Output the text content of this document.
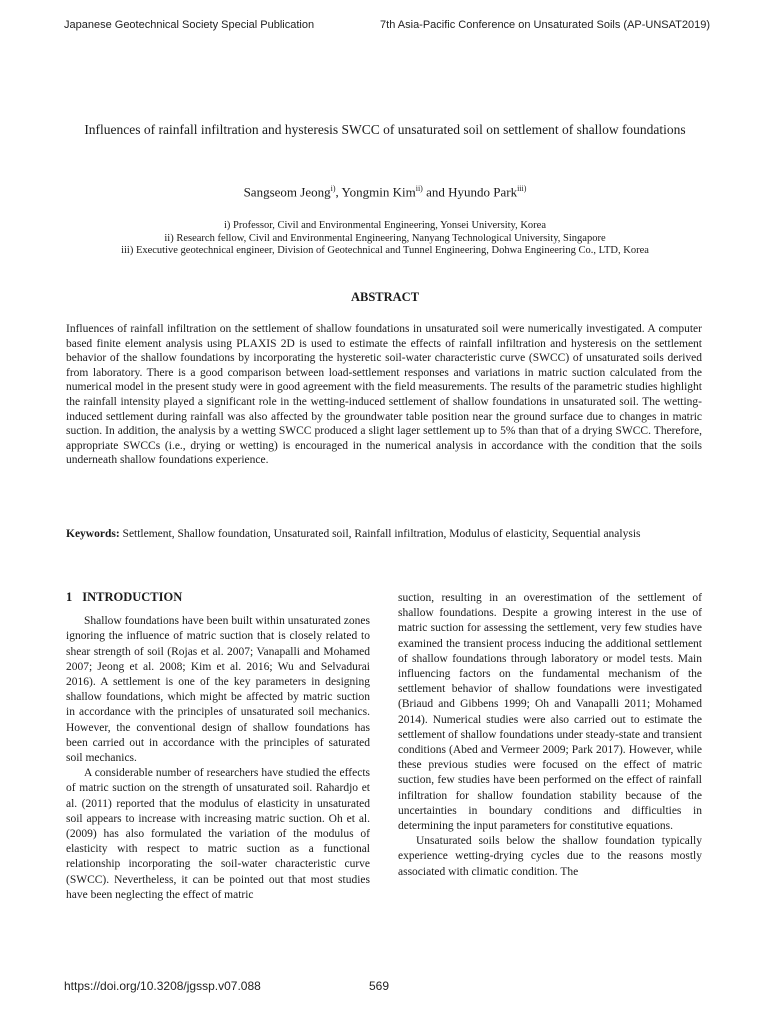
Japanese Geotechnical Society Special Publication	7th Asia-Pacific Conference on Unsaturated Soils (AP-UNSAT2019)
Influences of rainfall infiltration and hysteresis SWCC of unsaturated soil on settlement of shallow foundations
Sangseom Jeong$^{i)}$, Yongmin Kim$^{ii)}$ and Hyundo Park$^{iii)}$
i) Professor, Civil and Environmental Engineering, Yonsei University, Korea
ii) Research fellow, Civil and Environmental Engineering, Nanyang Technological University, Singapore
iii) Executive geotechnical engineer, Division of Geotechnical and Tunnel Engineering, Dohwa Engineering Co., LTD, Korea
ABSTRACT

Influences of rainfall infiltration on the settlement of shallow foundations in unsaturated soil were numerically investigated. A computer based finite element analysis using PLAXIS 2D is used to estimate the effects of rainfall infiltration and hysteresis on the settlement behavior of the shallow foundations by incorporating the hysteretic soil-water characteristic curve (SWCC) of unsaturated soils derived from laboratory. There is a good comparison between load-settlement responses and variations in matric suction calculated from the numerical model in the present study were in good agreement with the field measurements. The results of the parametric studies highlight the rainfall intensity played a significant role in the wetting-induced settlement of shallow foundations in unsaturated soil. The wetting-induced settlement during rainfall was also affected by the groundwater table position near the ground surface due to changes in matric suction. In addition, the analysis by a wetting SWCC produced a slight lager settlement up to 5% than that of a drying SWCC. Therefore, appropriate SWCCs (i.e., drying or wetting) is encouraged in the numerical analysis in accordance with the condition that the soils underneath shallow foundations experience.

Keywords: Settlement, Shallow foundation, Unsaturated soil, Rainfall infiltration, Modulus of elasticity, Sequential analysis

1 INTRODUCTION

Shallow foundations have been built within unsaturated zones ignoring the influence of matric suction that is closely related to shear strength of soil (Rojas et al. 2007; Vanapalli and Mohamed 2007; Jeong et al. 2008; Kim et al. 2016; Wu and Selvadurai 2016). A settlement is one of the key parameters in designing shallow foundations, which might be affected by matric suction in accordance with the principles of unsaturated soil mechanics. However, the conventional design of shallow foundations has been carried out in accordance with the principles of saturated soil mechanics.

A considerable number of researchers have studied the effects of matric suction on the strength of unsaturated soil. Rahardjo et al. (2011) reported that the modulus of elasticity in unsaturated soil appears to increase with increasing matric suction. Oh et al. (2009) has also formulated the variation of the modulus of elasticity with respect to matric suction as a functional relationship incorporating the soil-water characteristic curve (SWCC). Nevertheless, it can be pointed out that most studies have been neglecting the effect of matric

suction, resulting in an overestimation of the settlement of shallow foundations. Despite a growing interest in the use of matric suction for assessing the settlement, very few studies have examined the transient process inducing the additional settlement of shallow foundations through laboratory or model tests. Main influencing factors on the fundamental mechanism of the settlement behavior of shallow foundations were investigated (Briaud and Gibbens 1999; Oh and Vanapalli 2011; Mohamed 2014). Numerical studies were also carried out to estimate the settlement of shallow foundations under steady-state and transient conditions (Abed and Vermeer 2009; Park 2017). However, while these previous studies were focused on the effect of matric suction, few studies have been performed on the effect of rainfall infiltration for shallow foundation stability because of the uncertainties in boundary conditions and difficulties in determining the input parameters for constitutive equations.

Unsaturated soils below the shallow foundation typically experience wetting-drying cycles due to the reasons mostly associated with climatic condition. The

https://doi.org/10.3208/jgssp.v07.088	569
